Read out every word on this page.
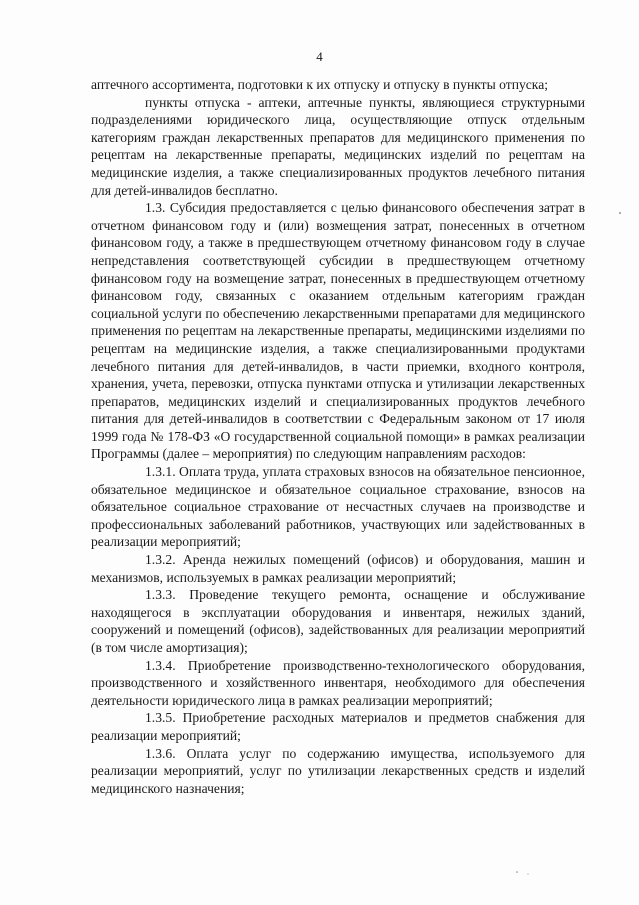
4

аптечного ассортимента, подготовки к их отпуску и отпуску в пункты отпуска;

пункты отпуска - аптеки, аптечные пункты, являющиеся структурными подразделениями юридического лица, осуществляющие отпуск отдельным категориям граждан лекарственных препаратов для медицинского применения по рецептам на лекарственные препараты, медицинских изделий по рецептам на медицинские изделия, а также специализированных продуктов лечебного питания для детей-инвалидов бесплатно.

1.3. Субсидия предоставляется с целью финансового обеспечения затрат в отчетном финансовом году и (или) возмещения затрат, понесенных в отчетном финансовом году, а также в предшествующем отчетному финансовом году в случае непредставления соответствующей субсидии в предшествующем отчетному финансовом году на возмещение затрат, понесенных в предшествующем отчетному финансовом году, связанных с оказанием отдельным категориям граждан социальной услуги по обеспечению лекарственными препаратами для медицинского применения по рецептам на лекарственные препараты, медицинскими изделиями по рецептам на медицинские изделия, а также специализированными продуктами лечебного питания для детей-инвалидов, в части приемки, входного контроля, хранения, учета, перевозки, отпуска пунктами отпуска и утилизации лекарственных препаратов, медицинских изделий и специализированных продуктов лечебного питания для детей-инвалидов в соответствии с Федеральным законом от 17 июля 1999 года № 178-ФЗ «О государственной социальной помощи» в рамках реализации Программы (далее – мероприятия) по следующим направлениям расходов:

1.3.1. Оплата труда, уплата страховых взносов на обязательное пенсионное, обязательное медицинское и обязательное социальное страхование, взносов на обязательное социальное страхование от несчастных случаев на производстве и профессиональных заболеваний работников, участвующих или задействованных в реализации мероприятий;

1.3.2. Аренда нежилых помещений (офисов) и оборудования, машин и механизмов, используемых в рамках реализации мероприятий;

1.3.3. Проведение текущего ремонта, оснащение и обслуживание находящегося в эксплуатации оборудования и инвентаря, нежилых зданий, сооружений и помещений (офисов), задействованных для реализации мероприятий (в том числе амортизация);

1.3.4. Приобретение производственно-технологического оборудования, производственного и хозяйственного инвентаря, необходимого для обеспечения деятельности юридического лица в рамках реализации мероприятий;

1.3.5. Приобретение расходных материалов и предметов снабжения для реализации мероприятий;

1.3.6. Оплата услуг по содержанию имущества, используемого для реализации мероприятий, услуг по утилизации лекарственных средств и изделий медицинского назначения;
